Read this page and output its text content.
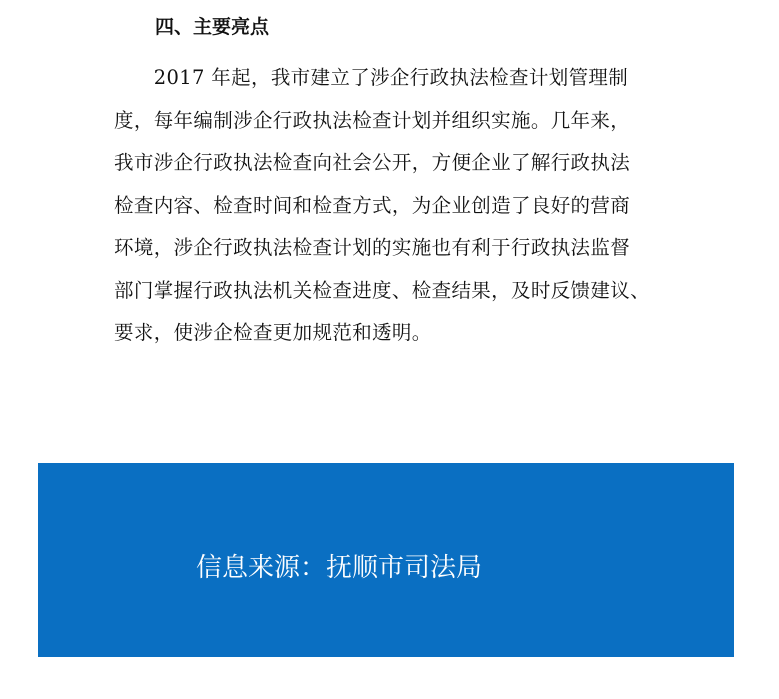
四、主要亮点

　　2017 年起，我市建立了涉企行政执法检查计划管理制
度，每年编制涉企行政执法检查计划并组织实施。几年来，
我市涉企行政执法检查向社会公开，方便企业了解行政执法
检查内容、检查时间和检查方式，为企业创造了良好的营商
环境，涉企行政执法检查计划的实施也有利于行政执法监督
部门掌握行政执法机关检查进度、检查结果，及时反馈建议、
要求，使涉企检查更加规范和透明。

信息来源：抚顺市司法局
